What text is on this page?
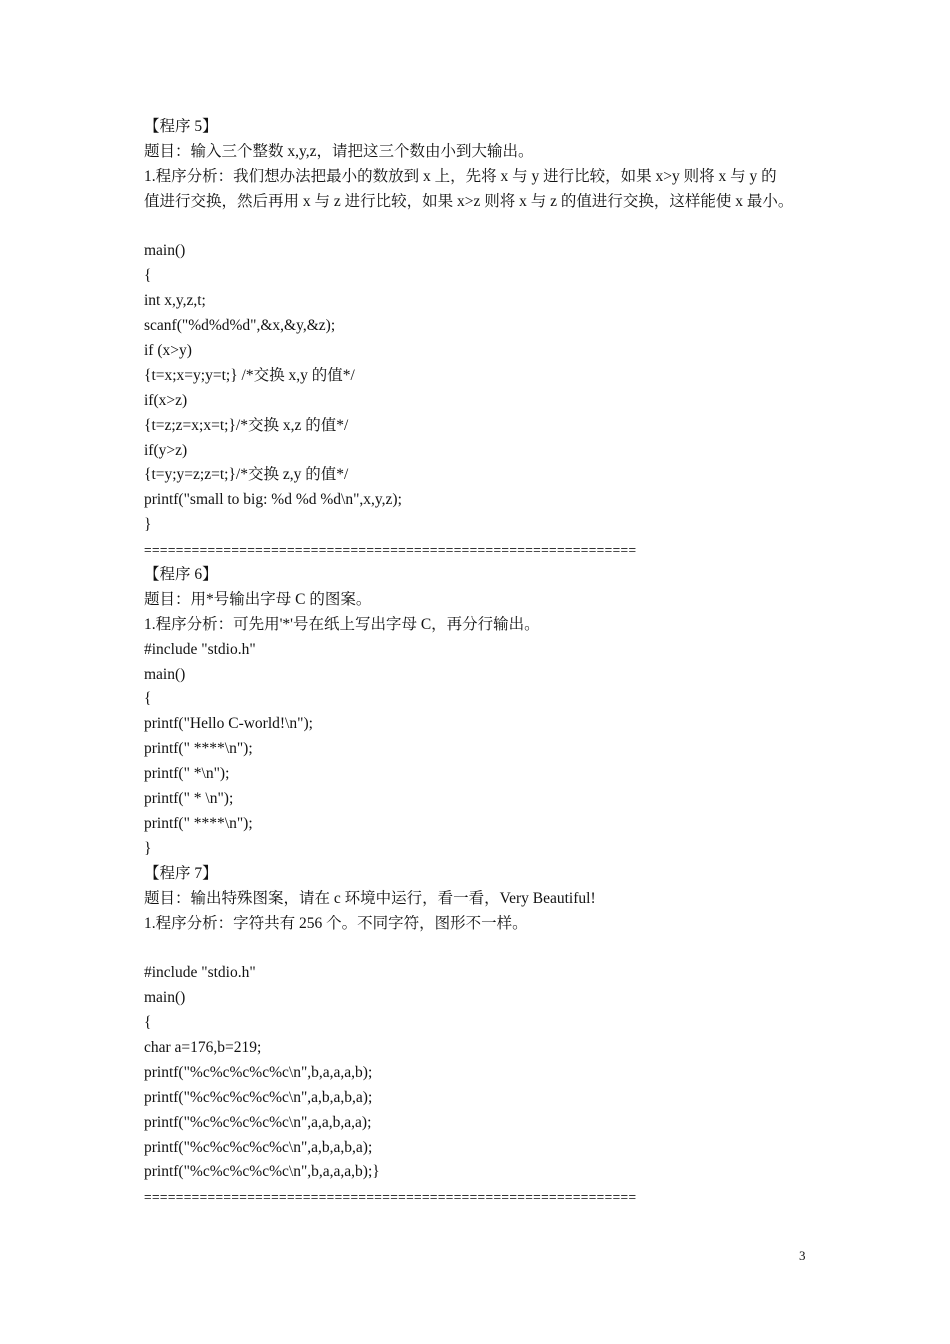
【程序 5】
题目：输入三个整数 x,y,z，请把这三个数由小到大输出。
1.程序分析：我们想办法把最小的数放到 x 上，先将 x 与 y 进行比较，如果 x>y 则将 x 与 y 的
值进行交换，然后再用 x 与 z 进行比较，如果 x>z 则将 x 与 z 的值进行交换，这样能使 x 最小。
main()
{
int x,y,z,t;
scanf("%d%d%d",&x,&y,&z);
if (x>y)
{t=x;x=y;y=t;} /*交换 x,y 的值*/
if(x>z)
{t=z;z=x;x=t;}/*交换 x,z 的值*/
if(y>z)
{t=y;y=z;z=t;}/*交换 z,y 的值*/
printf("small to big: %d %d %d\n",x,y,z);
}
==============================================================
【程序 6】
题目：用*号输出字母 C 的图案。
1.程序分析：可先用'*'号在纸上写出字母 C，再分行输出。
#include "stdio.h"
main()
{
printf("Hello C-world!\n");
printf(" ****\n");
printf(" *\n");
printf(" * \n");
printf(" ****\n");
}
【程序 7】
题目：输出特殊图案，请在 c 环境中运行，看一看，Very Beautiful!
1.程序分析：字符共有 256 个。不同字符，图形不一样。
#include "stdio.h"
main()
{
char a=176,b=219;
printf("%c%c%c%c%c\n",b,a,a,a,b);
printf("%c%c%c%c%c\n",a,b,a,b,a);
printf("%c%c%c%c%c\n",a,a,b,a,a);
printf("%c%c%c%c%c\n",a,b,a,b,a);
printf("%c%c%c%c%c\n",b,a,a,a,b);}
==============================================================
3
